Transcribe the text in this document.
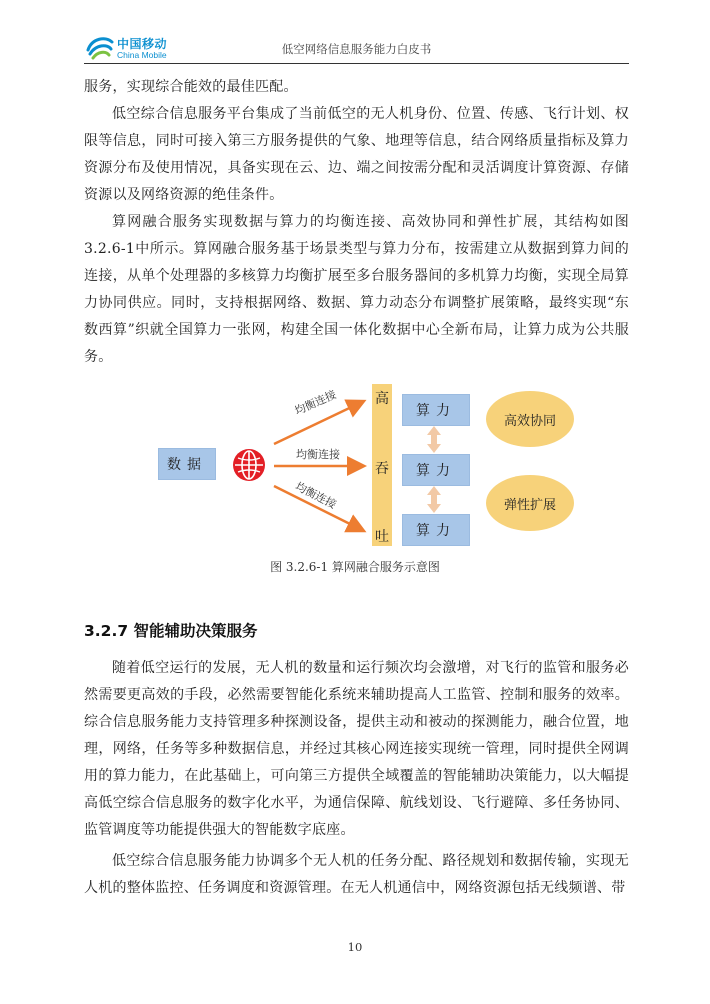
中国移动
China Mobile	低空网络信息服务能力白皮书

服务，实现综合能效的最佳匹配。

低空综合信息服务平台集成了当前低空的无人机身份、位置、传感、飞行计划、权限等信息，同时可接入第三方服务提供的气象、地理等信息，结合网络质量指标及算力资源分布及使用情况，具备实现在云、边、端之间按需分配和灵活调度计算资源、存储资源以及网络资源的绝佳条件。

算网融合服务实现数据与算力的均衡连接、高效协同和弹性扩展，其结构如图3.2.6-1中所示。算网融合服务基于场景类型与算力分布，按需建立从数据到算力间的连接，从单个处理器的多核算力均衡扩展至多台服务器间的多机算力均衡，实现全局算力协同供应。同时，支持根据网络、数据、算力动态分布调整扩展策略，最终实现“东数西算”织就全国算力一张网，构建全国一体化数据中心全新布局，让算力成为公共服务。

数据
均衡连接
均衡连接
均衡连接
高
吞
吐
算力
算力
算力
高效协同
弹性扩展
图 3.2.6-1 算网融合服务示意图
3.2.7 智能辅助决策服务

随着低空运行的发展，无人机的数量和运行频次均会激增，对飞行的监管和服务必然需要更高效的手段，必然需要智能化系统来辅助提高人工监管、控制和服务的效率。综合信息服务能力支持管理多种探测设备，提供主动和被动的探测能力，融合位置，地理，网络，任务等多种数据信息，并经过其核心网连接实现统一管理，同时提供全网调用的算力能力，在此基础上，可向第三方提供全域覆盖的智能辅助决策能力，以大幅提高低空综合信息服务的数字化水平，为通信保障、航线划设、飞行避障、多任务协同、监管调度等功能提供强大的智能数字底座。

低空综合信息服务能力协调多个无人机的任务分配、路径规划和数据传输，实现无人机的整体监控、任务调度和资源管理。在无人机通信中，网络资源包括无线频谱、带

10
